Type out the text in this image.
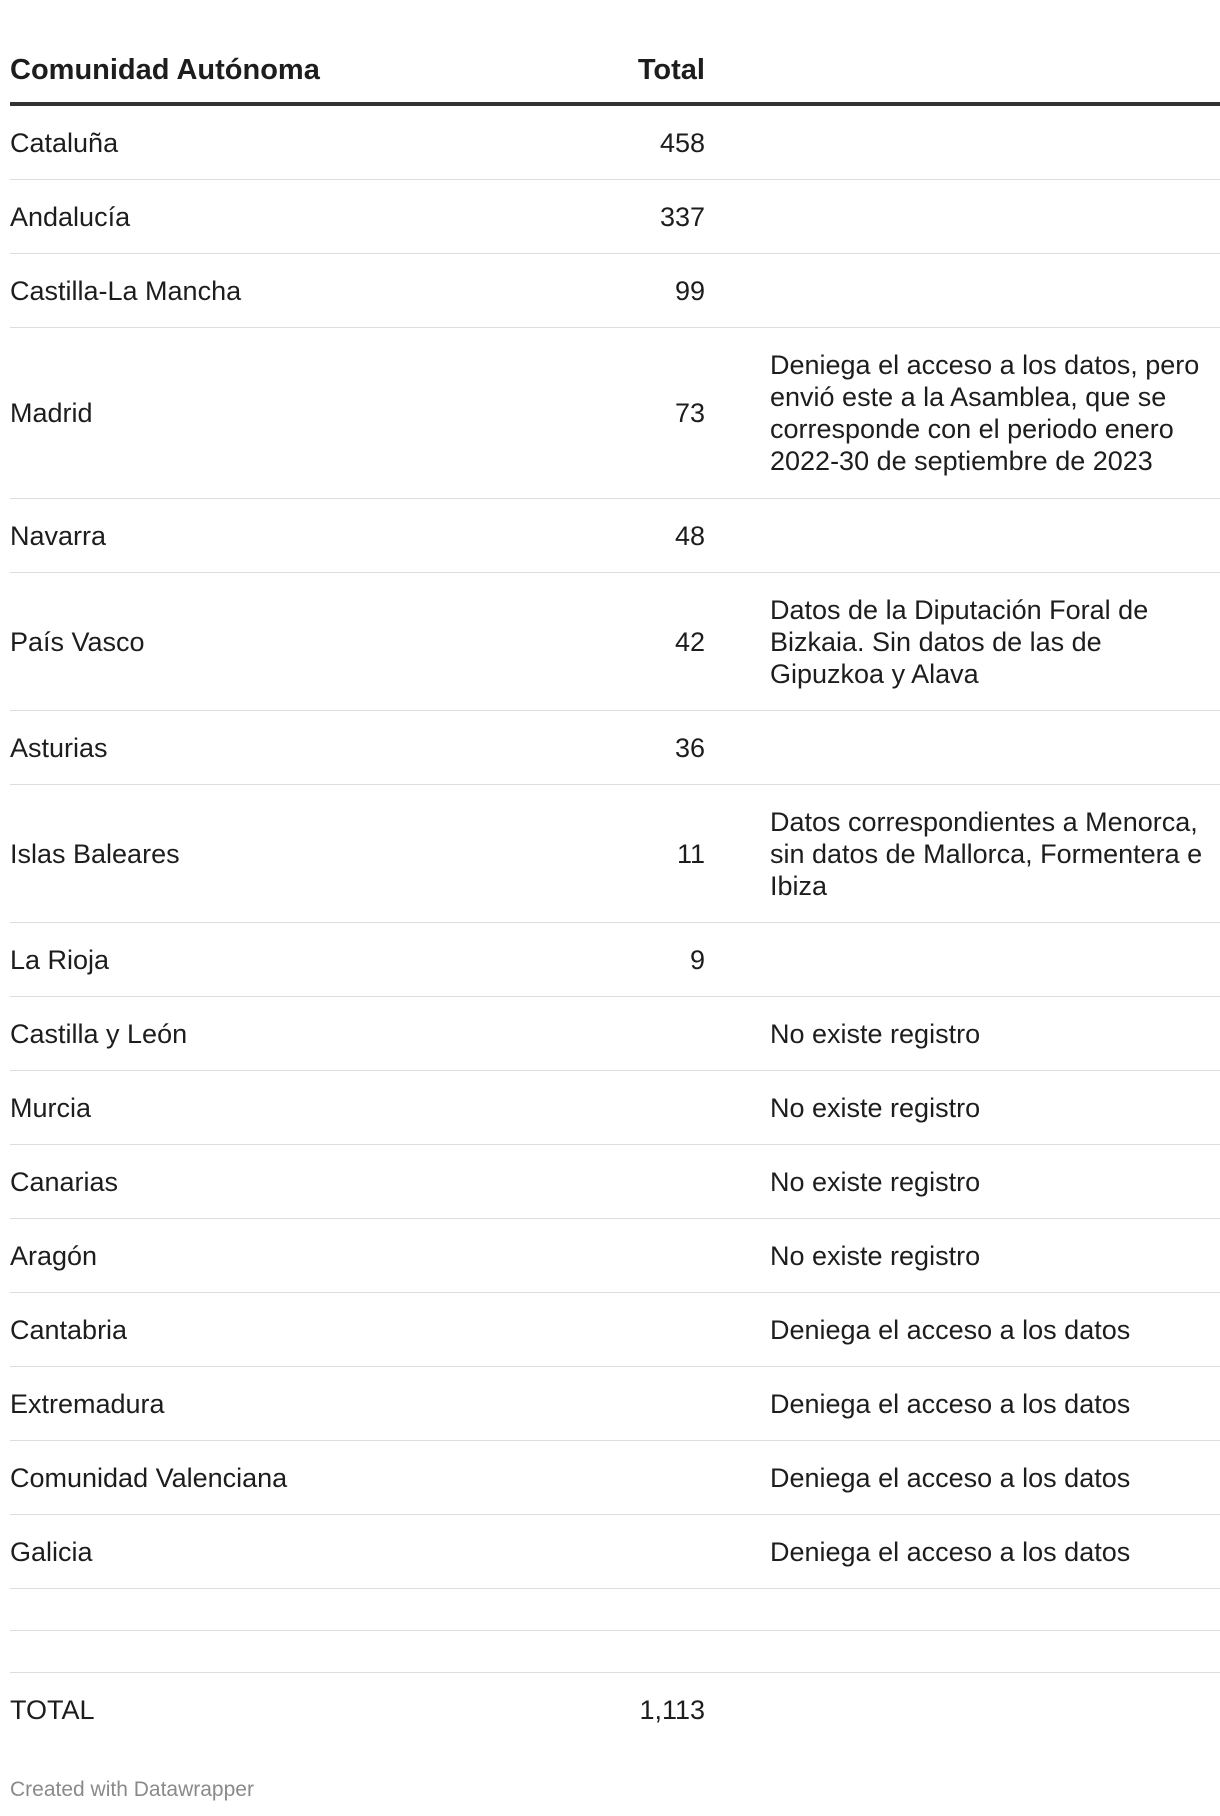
Comunidad Autónoma	Total		
Cataluña	458		
Andalucía	337		
Castilla-La Mancha	99		
Madrid	73		Deniega el acceso a los datos, pero envió este a la Asamblea, que se corresponde con el periodo enero 2022-30 de septiembre de 2023
Navarra	48		
País Vasco	42		Datos de la Diputación Foral de Bizkaia. Sin datos de las de Gipuzkoa y Alava
Asturias	36		
Islas Baleares	11		Datos correspondientes a Menorca, sin datos de Mallorca, Formentera e Ibiza
La Rioja	9		
Castilla y León			No existe registro
Murcia			No existe registro
Canarias			No existe registro
Aragón			No existe registro
Cantabria			Deniega el acceso a los datos
Extremadura			Deniega el acceso a los datos
Comunidad Valenciana			Deniega el acceso a los datos
Galicia			Deniega el acceso a los datos

TOTAL	1,113		
Created with Datawrapper
